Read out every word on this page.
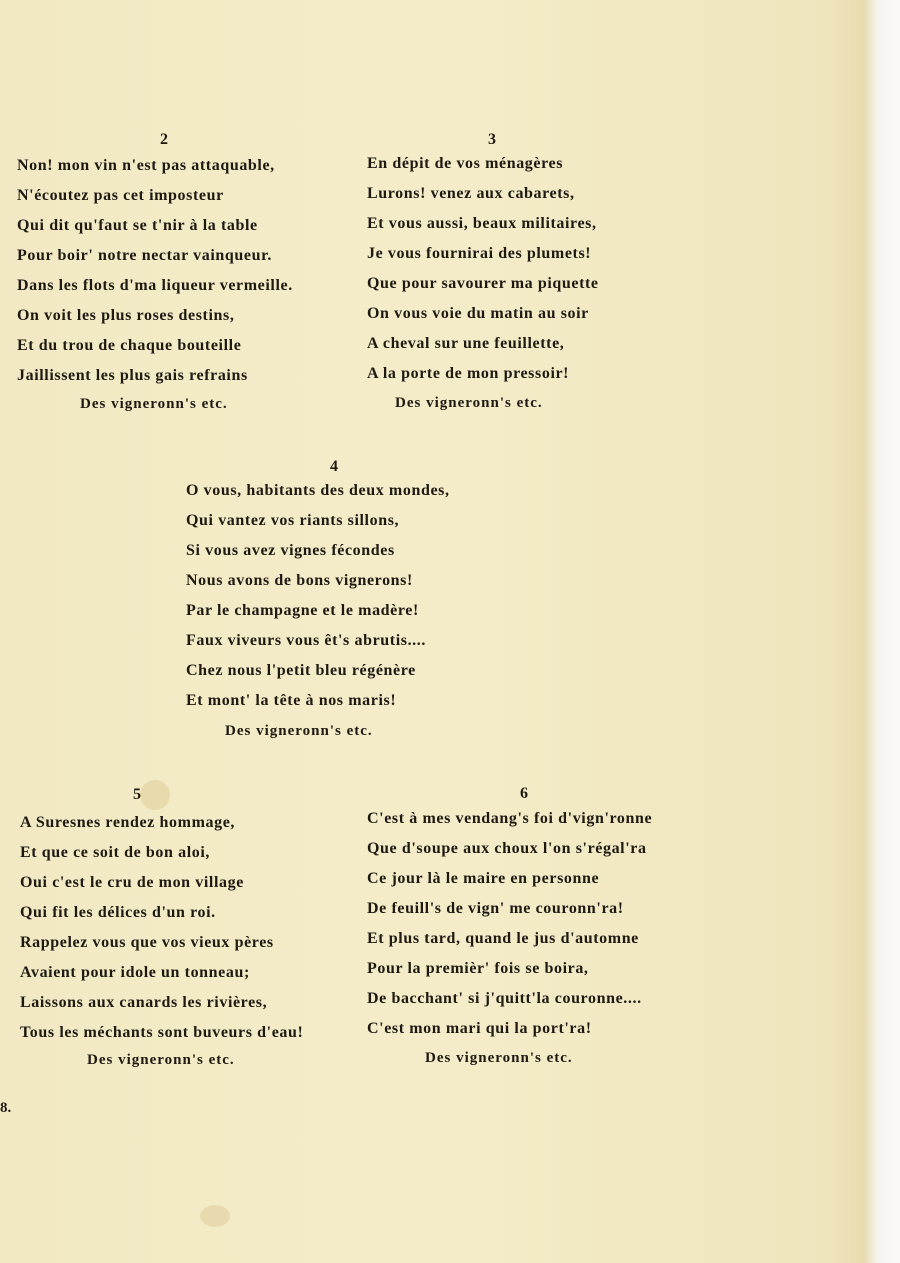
2
Non! mon vin n'est pas attaquable,
N'écoutez pas cet imposteur
Qui dit qu'faut se t'nir à la table
Pour boir' notre nectar vainqueur.
Dans les flots d'ma liqueur vermeille.
On voit les plus roses destins,
Et du trou de chaque bouteille
Jaillissent les plus gais refrains
Des vigneronn's etc.
3
En dépit de vos ménagères
Lurons! venez aux cabarets,
Et vous aussi, beaux militaires,
Je vous fournirai des plumets!
Que pour savourer ma piquette
On vous voie du matin au soir
A cheval sur une feuillette,
A la porte de mon pressoir!
Des vigneronn's etc.
4
O vous, habitants des deux mondes,
Qui vantez vos riants sillons,
Si vous avez vignes fécondes
Nous avons de bons vignerons!
Par le champagne et le madère!
Faux viveurs vous êt's abrutis....
Chez nous l'petit bleu régénère
Et mont' la tête à nos maris!
Des vigneronn's etc.
5
A Suresnes rendez hommage,
Et que ce soit de bon aloi,
Oui c'est le cru de mon village
Qui fit les délices d'un roi.
Rappelez vous que vos vieux pères
Avaient pour idole un tonneau;
Laissons aux canards les rivières,
Tous les méchants sont buveurs d'eau!
Des vigneronn's etc.
6
C'est à mes vendang's foi d'vign'ronne
Que d'soupe aux choux l'on s'régal'ra
Ce jour là le maire en personne
De feuill's de vign' me couronn'ra!
Et plus tard, quand le jus d'automne
Pour la premièr' fois se boira,
De bacchant' si j'quitt'la couronne....
C'est mon mari qui la port'ra!
Des vigneronn's etc.
8.
